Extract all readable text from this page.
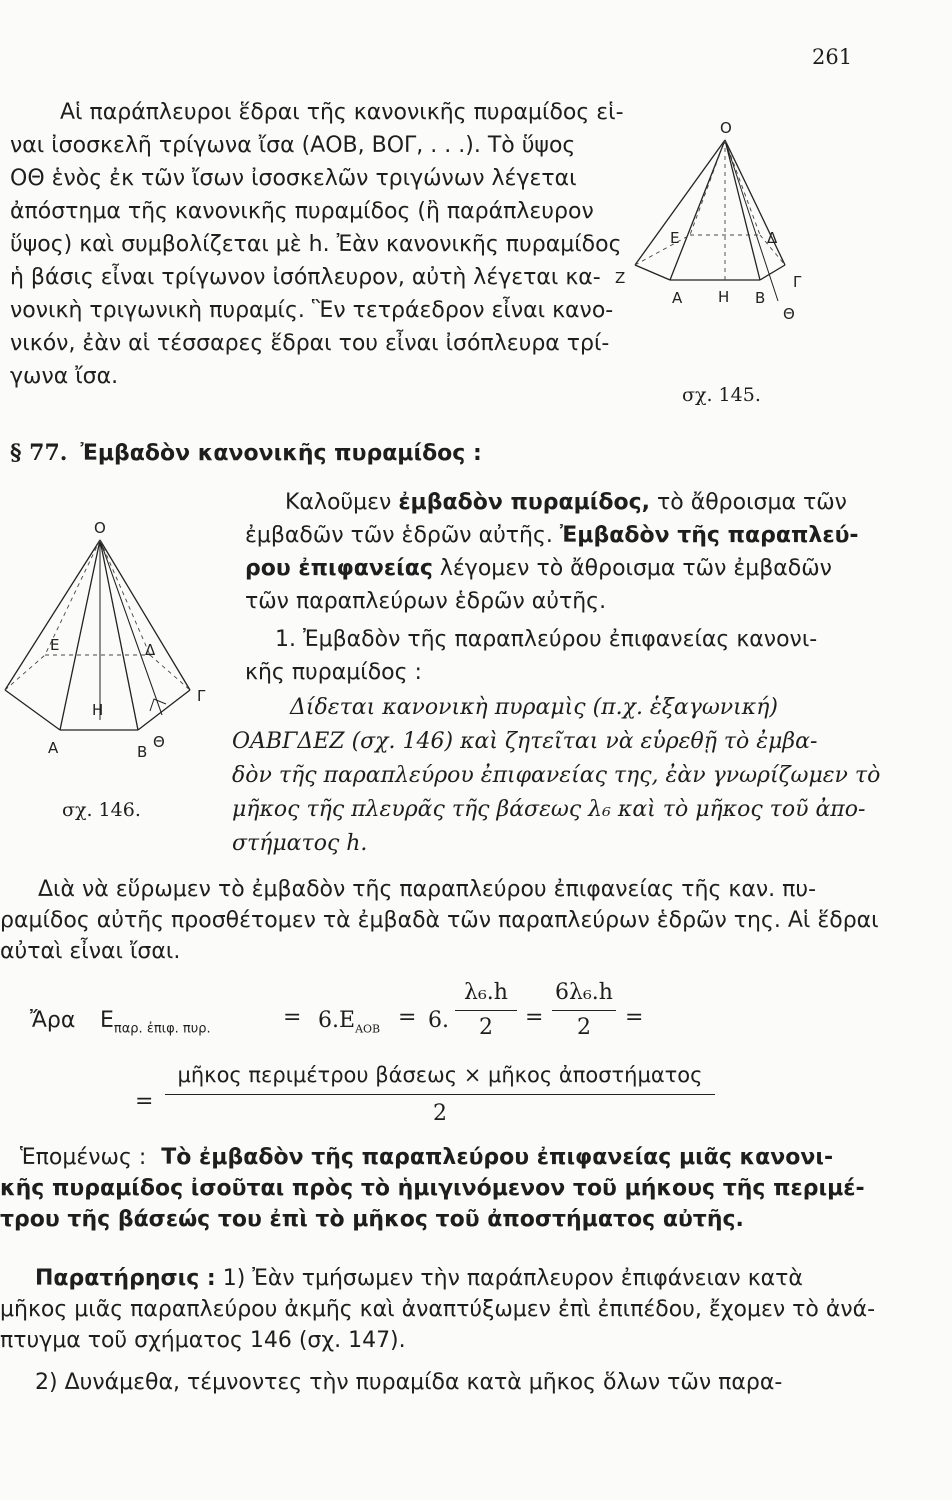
261
Αἱ παράπλευροι ἕδραι τῆς κανονικῆς πυραμίδος εἱ-
ναι ἰσοσκελῆ τρίγωνα ἴσα (ΑΟΒ, ΒΟΓ, . . .). Τὸ ὕψος
ΟΘ ἑνὸς ἐκ τῶν ἴσων ἰσοσκελῶν τριγώνων λέγεται
ἀπόστημα τῆς κανονικῆς πυραμίδος (ἢ παράπλευρον
ὕψος) καὶ συμβολίζεται μὲ h. Ἐὰν κανονικῆς πυραμίδος
ἡ βάσις εἶναι τρίγωνον ἰσόπλευρον, αὐτὴ λέγεται κα-
νονικὴ τριγωνικὴ πυραμίς. Ἓν τετράεδρον εἶναι κανο-
νικόν, ἐὰν αἱ τέσσαρες ἕδραι του εἶναι ἰσόπλευρα τρί-
γωνα ἴσα.
Ο
Α	Β
Γ
Δ
Ε
Ζ
Η
Θ
σχ. 145.
§ 77. Ἐμβαδὸν κανονικῆς πυραμίδος :
Καλοῦμεν ἐμβαδὸν πυραμίδος, τὸ ἄθροισμα τῶν
ἐμβαδῶν τῶν ἑδρῶν αὐτῆς. Ἐμβαδὸν τῆς παραπλεύ-
ρου ἐπιφανείας λέγομεν τὸ ἄθροισμα τῶν ἐμβαδῶν
τῶν παραπλεύρων ἑδρῶν αὐτῆς.
1. Ἐμβαδὸν τῆς παραπλεύρου ἐπιφανείας κανονι-
κῆς πυραμίδος :
Δίδεται κανονικὴ πυραμὶς (π.χ. ἑξαγωνική)
ΟΑΒΓΔΕΖ (σχ. 146) καὶ ζητεῖται νὰ εὑρεθῇ τὸ ἐμβα-
δὸν τῆς παραπλεύρου ἐπιφανείας της, ἐὰν γνωρίζωμεν τὸ
μῆκος τῆς πλευρᾶς τῆς βάσεως λ₆ καὶ τὸ μῆκος τοῦ ἀπο-
στήματος h.
Ο
Α	Β
Γ
Δ
Ε
Η
Θ
σχ. 146.
Διὰ νὰ εὕρωμεν τὸ ἐμβαδὸν τῆς παραπλεύρου ἐπιφανείας τῆς καν. πυ-
ραμίδος αὐτῆς προσθέτομεν τὰ ἐμβαδὰ τῶν παραπλεύρων ἑδρῶν της. Αἱ ἕδραι
αὐταὶ εἶναι ἴσαι.
Ἄρα $E_{\pi\alpha\rho. ἐ\pi\iota\varphi. \pi\upsilon\rho.}$	= $6.E_{AOB} = 6$. $\frac{\text{λ₆.h}}{2} = \frac{\text{6λ₆.h}}{2}$ =
=
μῆκος περιμέτρου βάσεως × μῆκος ἀποστήματος
2
Ἑπομένως : Τὸ ἐμβαδὸν τῆς παραπλεύρου ἐπιφανείας μιᾶς κανονι-
κῆς πυραμίδος ἰσοῦται πρὸς τὸ ἡμιγινόμενον τοῦ μήκους τῆς περιμέ-
τρου τῆς βάσεώς του ἐπὶ τὸ μῆκος τοῦ ἀποστήματος αὐτῆς.
Παρατήρησις : 1) Ἐὰν τμήσωμεν τὴν παράπλευρον ἐπιφάνειαν κατὰ
μῆκος μιᾶς παραπλεύρου ἀκμῆς καὶ ἀναπτύξωμεν ἐπὶ ἐπιπέδου, ἔχομεν τὸ ἀνά-
πτυγμα τοῦ σχήματος 146 (σχ. 147).
2) Δυνάμεθα, τέμνοντες τὴν πυραμίδα κατὰ μῆκος ὅλων τῶν παρα-
